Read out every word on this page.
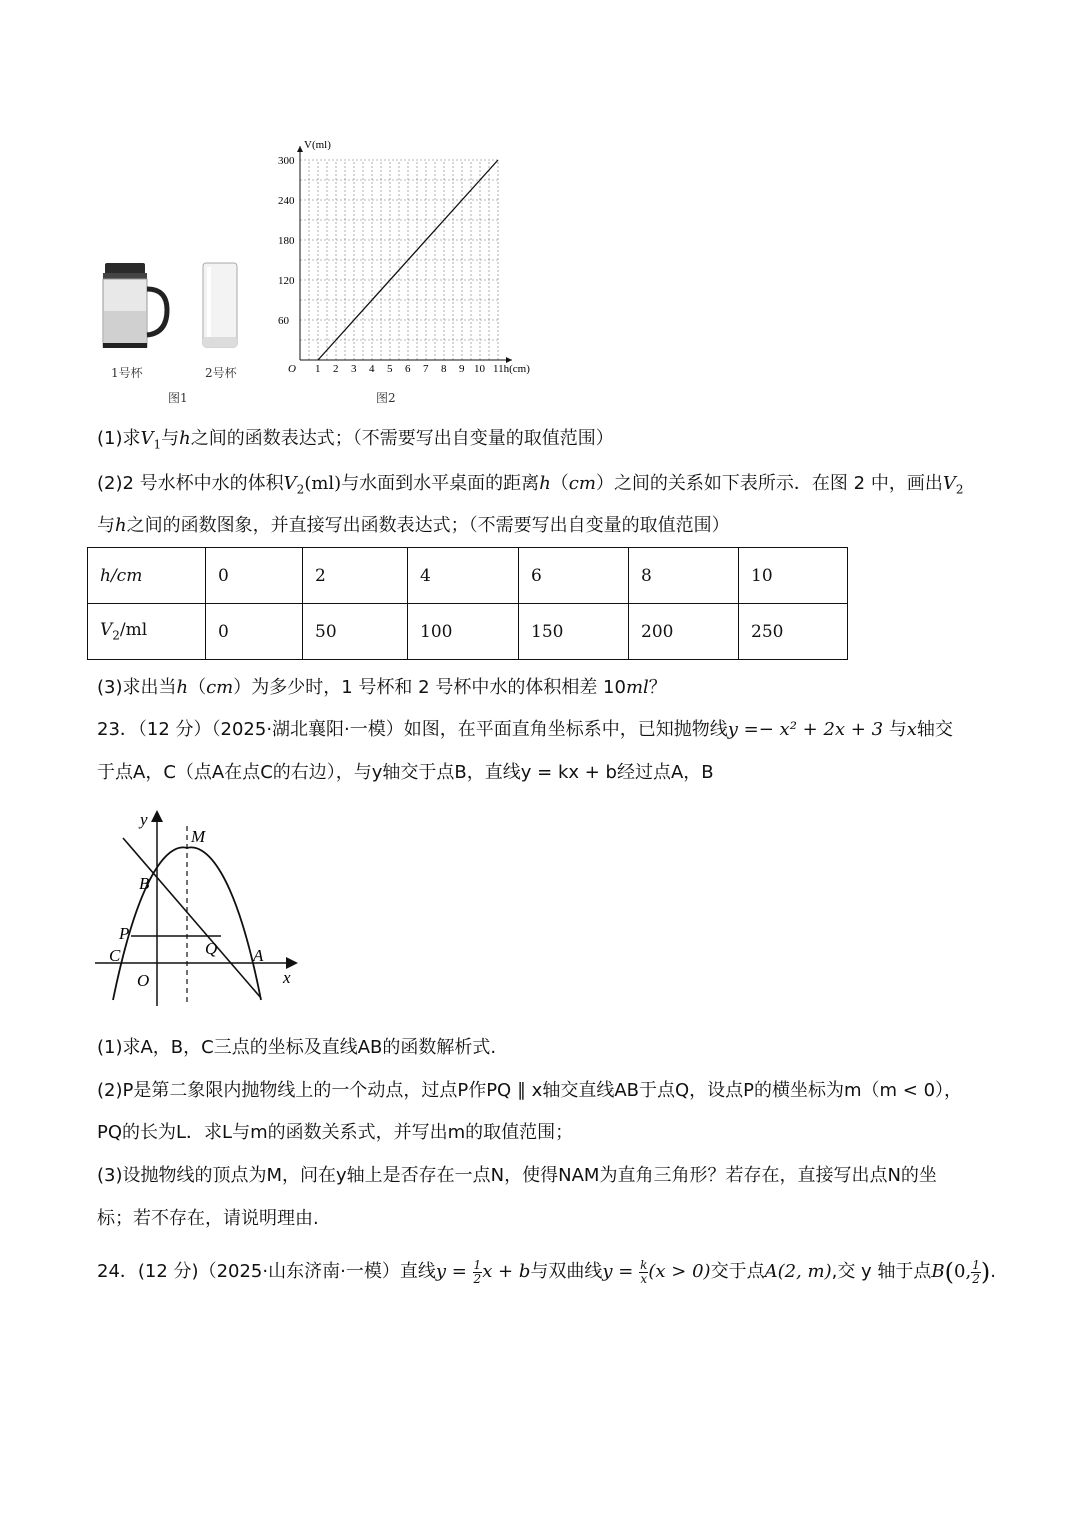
1号杯	2号杯
图1
O	11h(cm)
V(ml)
1 2 3 4 5 6 7 8 9 10
60
120
180
240
300
图2
(1)求$V_1$与h之间的函数表达式；（不需要写出自变量的取值范围）
(2)2 号水杯中水的体积$V_2(ml)$与水面到水平桌面的距离h（cm）之间的关系如下表所示．在图 2 中，画出$V_2$
与h之间的函数图象，并直接写出函数表达式；（不需要写出自变量的取值范围）
h/cm	0	2	4	6	8	10
$V_2/ml$	0	50	100	150	200	250
(3)求出当h（cm）为多少时，1 号杯和 2 号杯中水的体积相差 10ml？
23．（12 分）（2025·湖北襄阳·一模）如图，在平面直角坐标系中，已知抛物线y =− x² + 2x + 3 与x轴交
于点A，C（点A在点C的右边），与y轴交于点B，直线y = kx + b经过点A，B
y
x
M
B
P
Q
C	A
O
(1)求A，B，C三点的坐标及直线AB的函数解析式.
(2)P是第二象限内抛物线上的一个动点，过点P作PQ ∥ x轴交直线AB于点Q，设点P的横坐标为m（m < 0），
PQ的长为L．求L与m的函数关系式，并写出m的取值范围；
(3)设抛物线的顶点为M，问在y轴上是否存在一点N，使得NAM为直角三角形？若存在，直接写出点N的坐
标；若不存在，请说明理由.
24．(12 分)（2025·山东济南·一模）直线$y = \frac{1}{2}$ x + b与双曲线$y = \frac{k}{x} (x > 0)$交于点A(2, m),交 y 轴于点B(0, $\frac{1}{2}$ ).
